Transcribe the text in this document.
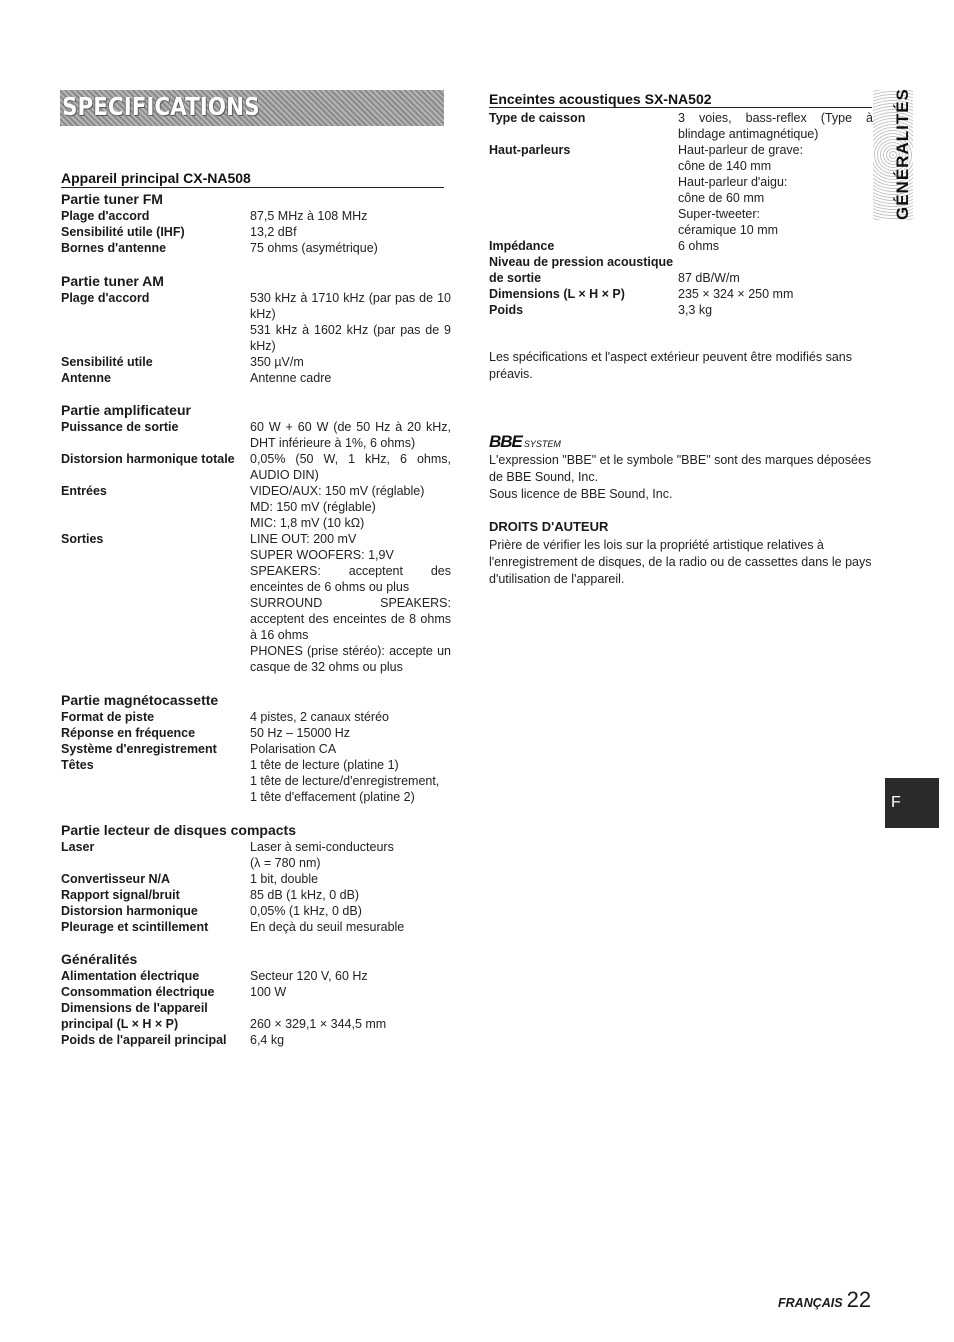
SPECIFICATIONS	GÉNÉRALITÉS
F
Appareil principal CX-NA508
Partie tuner FM
Plage d'accord	87,5 MHz à 108 MHz
Sensibilité utile (IHF)	13,2 dBf
Bornes d'antenne	75 ohms (asymétrique)
Partie tuner AM
Plage d'accord	530 kHz à 1710 kHz (par pas de 10 kHz)
531 kHz à 1602 kHz (par pas de 9 kHz)
Sensibilité utile	350 µV/m
Antenne	Antenne cadre
Partie amplificateur
Puissance de sortie	60 W + 60 W (de 50 Hz à 20 kHz, DHT inférieure à 1%, 6 ohms)
Distorsion harmonique totale	0,05% (50 W, 1 kHz, 6 ohms, AUDIO DIN)
Entrées	VIDEO/AUX: 150 mV (réglable)
MD: 150 mV (réglable)
MIC: 1,8 mV (10 kΩ)
Sorties	LINE OUT: 200 mV
SUPER WOOFERS: 1,9V
SPEAKERS: acceptent des enceintes de 6 ohms ou plus
SURROUND SPEAKERS: acceptent des enceintes de 8 ohms à 16 ohms
PHONES (prise stéréo): accepte un casque de 32 ohms ou plus
Partie magnétocassette
Format de piste	4 pistes, 2 canaux stéréo
Réponse en fréquence	50 Hz – 15000 Hz
Système d'enregistrement	Polarisation CA
Têtes	1 tête de lecture (platine 1)
1 tête de lecture/d'enregistrement,
1 tête d'effacement (platine 2)
Partie lecteur de disques compacts
Laser	Laser à semi-conducteurs
(λ = 780 nm)
Convertisseur N/A	1 bit, double
Rapport signal/bruit	85 dB (1 kHz, 0 dB)
Distorsion harmonique	0,05% (1 kHz, 0 dB)
Pleurage et scintillement	En deçà du seuil mesurable
Généralités
Alimentation électrique	Secteur 120 V, 60 Hz
Consommation électrique	100 W
Dimensions de l'appareil
principal (L × H × P)	
260 × 329,1 × 344,5 mm
Poids de l'appareil principal	6,4 kg
Enceintes acoustiques SX-NA502
Type de caisson	3 voies, bass-reflex (Type à blindage antimagnétique)
Haut-parleurs	Haut-parleur de grave:
cône de 140 mm
Haut-parleur d'aigu:
cône de 60 mm
Super-tweeter:
céramique 10 mm
Impédance	6 ohms
Niveau de pression acoustique
de sortie	
87 dB/W/m
Dimensions (L × H × P)	235 × 324 × 250 mm
Poids	3,3 kg
Les spécifications et l'aspect extérieur peuvent être modifiés sans préavis.
BBE SYSTEM
L'expression "BBE" et le symbole "BBE" sont des marques déposées de BBE Sound, Inc.
Sous licence de BBE Sound, Inc.
DROITS D'AUTEUR
Prière de vérifier les lois sur la propriété artistique relatives à l'enregistrement de disques, de la radio ou de cassettes dans le pays d'utilisation de l'appareil.
FRANÇAIS 22
